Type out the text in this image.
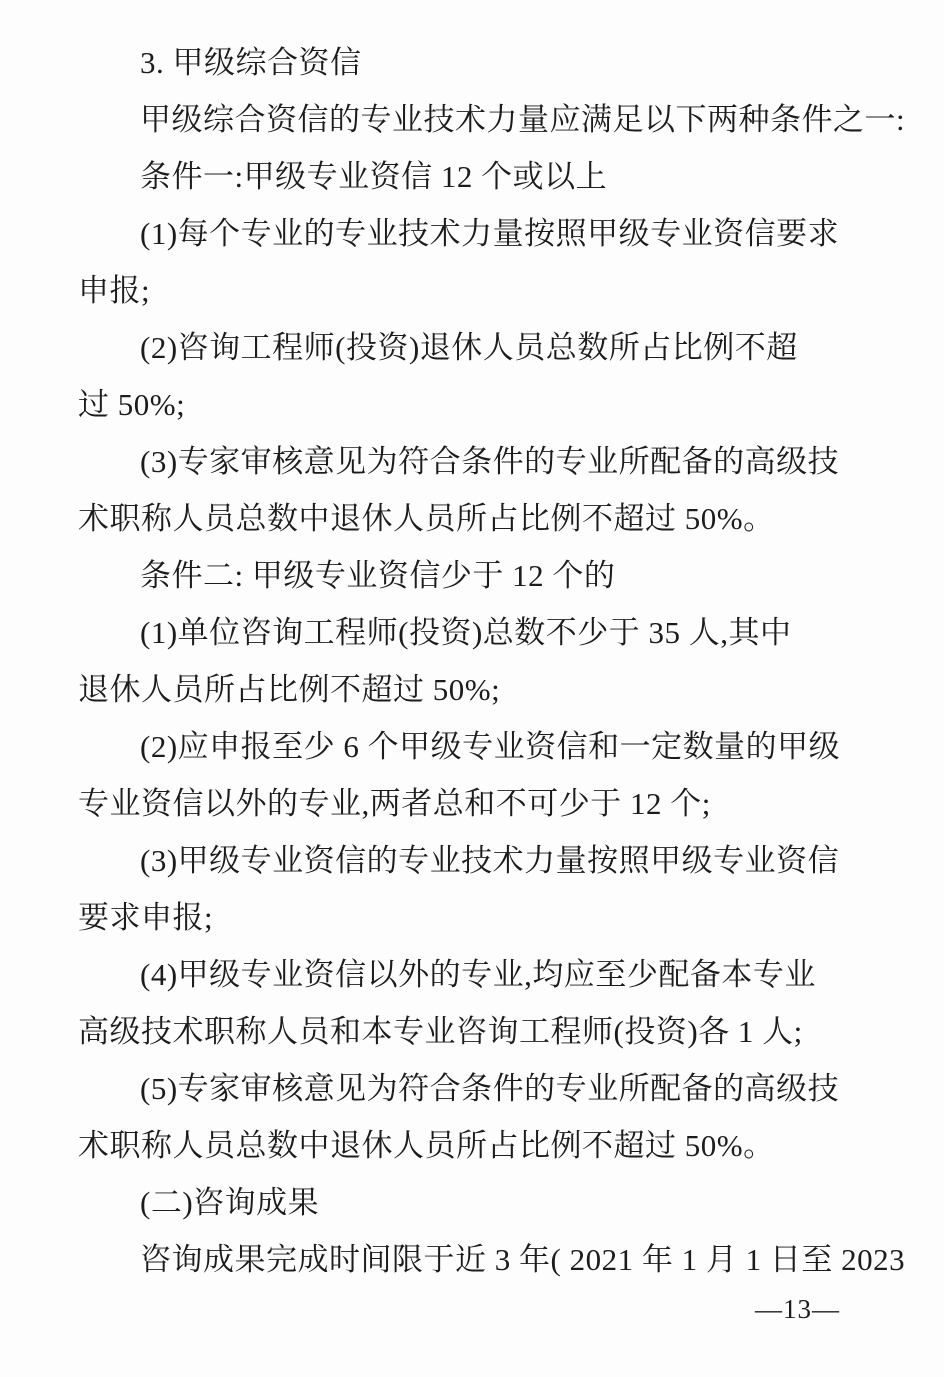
3. 甲级综合资信
甲级综合资信的专业技术力量应满足以下两种条件之一:
条件一:甲级专业资信 12 个或以上
(1)每个专业的专业技术力量按照甲级专业资信要求
申报;
(2)咨询工程师(投资)退休人员总数所占比例不超
过 50%;
(3)专家审核意见为符合条件的专业所配备的高级技
术职称人员总数中退休人员所占比例不超过 50%。
条件二: 甲级专业资信少于 12 个的
(1)单位咨询工程师(投资)总数不少于 35 人,其中
退休人员所占比例不超过 50%;
(2)应申报至少 6 个甲级专业资信和一定数量的甲级
专业资信以外的专业,两者总和不可少于 12 个;
(3)甲级专业资信的专业技术力量按照甲级专业资信
要求申报;
(4)甲级专业资信以外的专业,均应至少配备本专业
高级技术职称人员和本专业咨询工程师(投资)各 1 人;
(5)专家审核意见为符合条件的专业所配备的高级技
术职称人员总数中退休人员所占比例不超过 50%。
(二)咨询成果
咨询成果完成时间限于近 3 年( 2021 年 1 月 1 日至 2023
—13—
